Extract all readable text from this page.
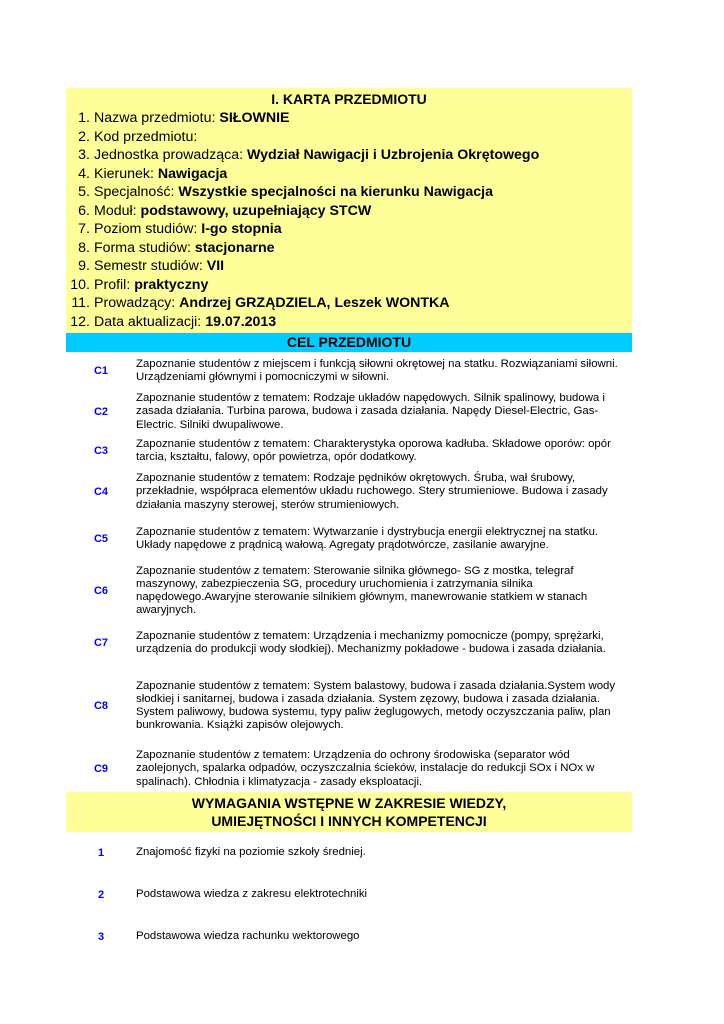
I. KARTA PRZEDMIOTU
1. Nazwa przedmiotu: SIŁOWNIE
2. Kod przedmiotu:
3. Jednostka prowadząca: Wydział Nawigacji i Uzbrojenia Okrętowego
4. Kierunek: Nawigacja
5. Specjalność: Wszystkie specjalności na kierunku Nawigacja
6. Moduł: podstawowy, uzupełniający STCW
7. Poziom studiów: I-go stopnia
8. Forma studiów: stacjonarne
9. Semestr studiów: VII
10. Profil: praktyczny
11. Prowadzący: Andrzej GRZĄDZIELA, Leszek WONTKA
12. Data aktualizacji: 19.07.2013
CEL PRZEDMIOTU
C1
Zapoznanie studentów z miejscem i funkcją siłowni okrętowej na statku. Rozwiązaniami siłowni. Urządzeniami głównymi i pomocniczymi w siłowni.
C2
Zapoznanie studentów z tematem: Rodzaje układów napędowych. Silnik spalinowy, budowa i zasada działania. Turbina parowa, budowa i zasada działania. Napędy Diesel-Electric, Gas-Electric. Silniki dwupaliwowe.
C3
Zapoznanie studentów z tematem: Charakterystyka oporowa kadłuba. Składowe oporów: opór tarcia, kształtu, falowy, opór powietrza, opór dodatkowy.
C4
Zapoznanie studentów z tematem: Rodzaje pędników okrętowych. Śruba, wał śrubowy, przekładnie, współpraca elementów układu ruchowego. Stery strumieniowe. Budowa i zasady działania maszyny sterowej, sterów strumieniowych.
C5
Zapoznanie studentów z tematem: Wytwarzanie i dystrybucja energii elektrycznej na statku. Układy napędowe z prądnicą wałową. Agregaty prądotwórcze, zasilanie awaryjne.
C6
Zapoznanie studentów z tematem: Sterowanie silnika głównego- SG z mostka, telegraf maszynowy, zabezpieczenia SG, procedury uruchomienia i zatrzymania silnika napędowego.Awaryjne sterowanie silnikiem głównym, manewrowanie statkiem w stanach awaryjnych.
C7
Zapoznanie studentów z tematem: Urządzenia i mechanizmy pomocnicze (pompy, sprężarki, urządzenia do produkcji wody słodkiej). Mechanizmy pokładowe - budowa i zasada działania.
C8
Zapoznanie studentów z tematem: System balastowy, budowa i zasada działania.System wody słodkiej i sanitarnej, budowa i zasada działania. System zęzowy, budowa i zasada działania. System paliwowy, budowa systemu, typy paliw żeglugowych, metody oczyszczania paliw, plan bunkrowania. Książki zapisów olejowych.
C9
Zapoznanie studentów z tematem: Urządzenia do ochrony środowiska (separator wód zaolejonych, spalarka odpadów, oczyszczalnia ścieków, instalacje do redukcji SOx i NOx w spalinach). Chłodnia i klimatyzacja - zasady eksploatacji.
WYMAGANIA WSTĘPNE W ZAKRESIE WIEDZY,
UMIEJĘTNOŚCI I INNYCH KOMPETENCJI
1	Znajomość fizyki na poziomie szkoły średniej.
2	Podstawowa wiedza z zakresu elektrotechniki
3	Podstawowa wiedza rachunku wektorowego
